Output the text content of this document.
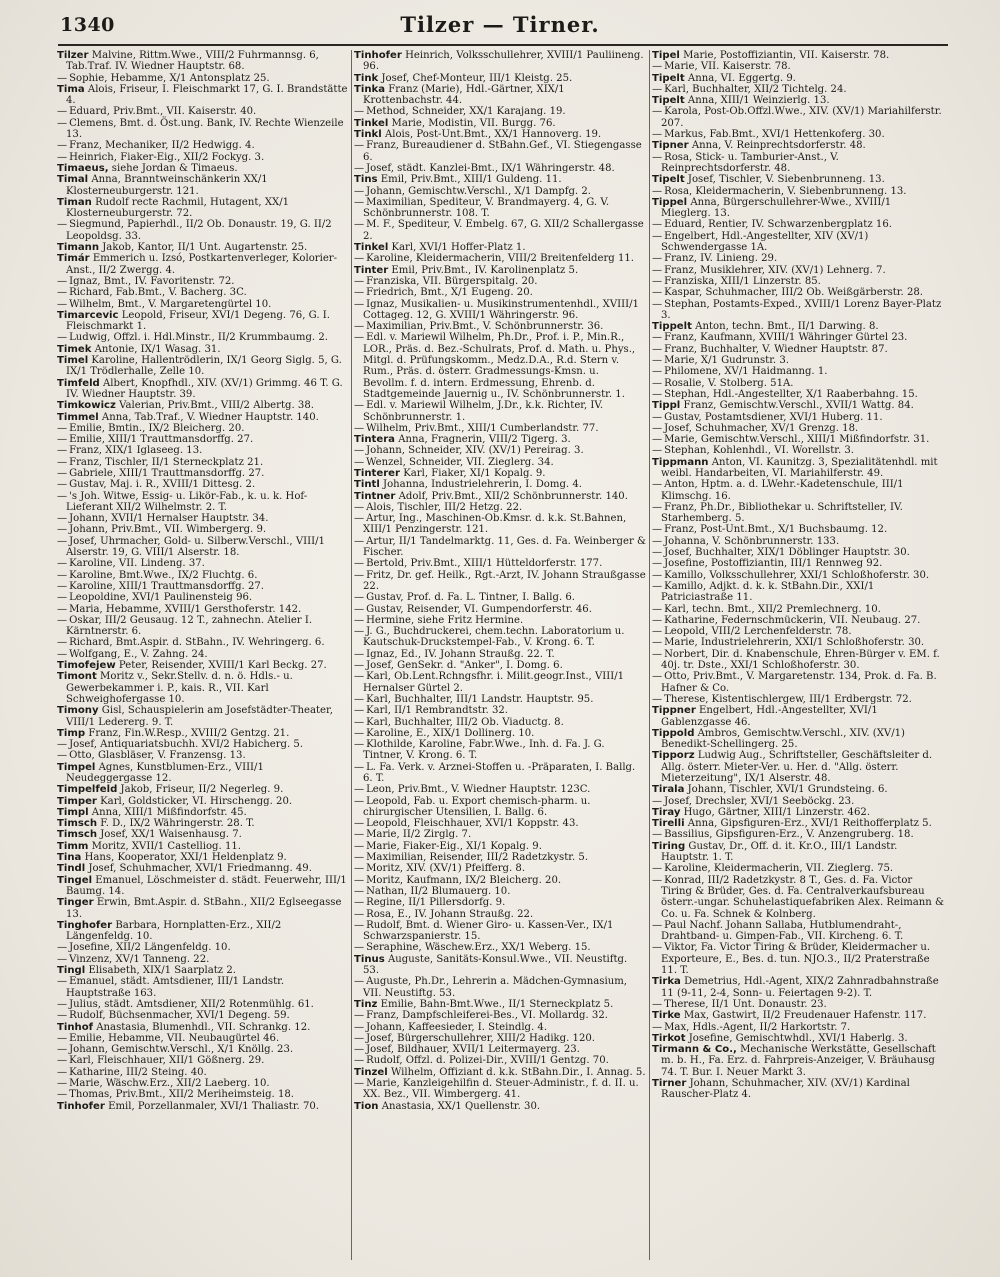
1340	Tilzer — Tirner.
Tilzer Malvine, Rittm.Wwe., VIII/2 Fuhrmannsg. 6, Tab.Traf. IV. Wiedner Hauptstr. 68.
— Sophie, Hebamme, X/1 Antonsplatz 25.
Tima Alois, Friseur, I. Fleischmarkt 17, G. I. Brandstätte 4.
— Eduard, Priv.Bmt., VII. Kaiserstr. 40.
— Clemens, Bmt. d. Öst.ung. Bank, IV. Rechte Wienzeile 13.
— Franz, Mechaniker, II/2 Hedwigg. 4.
— Heinrich, Fiaker-Eig., XII/2 Fockyg. 3.
Timaeus, siehe Jordan & Timaeus.
Timal Anna, Branntweinschänkerin XX/1 Klosterneuburgerstr. 121.
Timan Rudolf recte Rachmil, Hutagent, XX/1 Klosterneuburgerstr. 72.
— Siegmund, Papierhdl., II/2 Ob. Donaustr. 19, G. II/2 Leopoldsg. 33.
Timann Jakob, Kantor, II/1 Unt. Augartenstr. 25.
Timár Emmerich u. Izsó, Postkartenverleger, Kolorier-Anst., II/2 Zwergg. 4.
— Ignaz, Bmt., IV. Favoritenstr. 72.
— Richard, Fab.Bmt., V. Bacherg. 3C.
— Wilhelm, Bmt., V. Margaretengürtel 10.
Timarcevic Leopold, Friseur, XVI/1 Degeng. 76, G. I. Fleischmarkt 1.
— Ludwig, Offzl. i. Hdl.Minstr., II/2 Krummbaumg. 2.
Timek Antonie, IX/1 Wasag. 31.
Timel Karoline, Hallentrödlerin, IX/1 Georg Siglg. 5, G. IX/1 Trödlerhalle, Zelle 10.
Timfeld Albert, Knopfhdl., XIV. (XV/1) Grimmg. 46 T. G. IV. Wiedner Hauptstr. 39.
Timkowicz Valerian, Priv.Bmt., VIII/2 Albertg. 38.
Timmel Anna, Tab.Traf., V. Wiedner Hauptstr. 140.
— Emilie, Bmtin., IX/2 Bleicherg. 20.
— Emilie, XIII/1 Trauttmansdorffg. 27.
— Franz, XIX/1 Iglaseeg. 13.
— Franz, Tischler, II/1 Sterneckplatz 21.
— Gabriele, XIII/1 Trauttmansdorffg. 27.
— Gustav, Maj. i. R., XVIII/1 Dittesg. 2.
— 's Joh. Witwe, Essig- u. Likör-Fab., k. u. k. Hof-Lieferant XII/2 Wilhelmstr. 2. T.
— Johann, XVII/1 Hernalser Hauptstr. 34.
— Johann, Priv.Bmt., VII. Wimbergerg. 9.
— Josef, Uhrmacher, Gold- u. Silberw.Verschl., VIII/1 Alserstr. 19, G. VIII/1 Alserstr. 18.
— Karoline, VII. Lindeng. 37.
— Karoline, Bmt.Wwe., IX/2 Fluchtg. 6.
— Karoline, XIII/1 Trauttmansdorffg. 27.
— Leopoldine, XVI/1 Paulinensteig 96.
— Maria, Hebamme, XVIII/1 Gersthoferstr. 142.
— Oskar, III/2 Geusaug. 12 T., zahnechn. Atelier I. Kärntnerstr. 6.
— Richard, Bmt.Aspir. d. StBahn., IV. Wehringerg. 6.
— Wolfgang, E., V. Zahng. 24.
Timofejew Peter, Reisender, XVIII/1 Karl Beckg. 27.
Timont Moritz v., Sekr.Stellv. d. n. ö. Hdls.- u. Gewerbekammer i. P., kais. R., VII. Karl Schweighofergasse 10.
Timony Gisl, Schauspielerin am Josefstädter-Theater, VIII/1 Ledererg. 9. T.
Timp Franz, Fin.W.Resp., XVIII/2 Gentzg. 21.
— Josef, Antiquariatsbuchh. XVI/2 Habicherg. 5.
— Otto, Glasbläser, V. Franzensg. 13.
Timpel Agnes, Kunstblumen-Erz., VIII/1 Neudeggergasse 12.
Timpelfeld Jakob, Friseur, II/2 Negerleg. 9.
Timper Karl, Goldsticker, VI. Hirschengg. 20.
Timpl Anna, XIII/1 Mißfindorfstr. 45.
Timsch F. D., IX/2 Währingerstr. 28. T.
Timsch Josef, XX/1 Waisenhausg. 7.
Timm Moritz, XVII/1 Castelliog. 11.
Tina Hans, Kooperator, XXI/1 Heldenplatz 9.
Tindl Josef, Schuhmacher, XVI/1 Friedmanng. 49.
Tingel Emanuel, Löschmeister d. städt. Feuerwehr, III/1 Baumg. 14.
Tinger Erwin, Bmt.Aspir. d. StBahn., XII/2 Eglseegasse 13.
Tinghofer Barbara, Hornplatten-Erz., XII/2 Längenfeldg. 10.
— Josefine, XII/2 Längenfeldg. 10.
— Vinzenz, XV/1 Tanneng. 22.
Tingl Elisabeth, XIX/1 Saarplatz 2.
— Emanuel, städt. Amtsdiener, III/1 Landstr. Hauptstraße 163.
— Julius, städt. Amtsdiener, XII/2 Rotenmühlg. 61.
— Rudolf, Büchsenmacher, XVI/1 Degeng. 59.
Tinhof Anastasia, Blumenhdl., VII. Schrankg. 12.
— Emilie, Hebamme, VII. Neubaugürtel 46.
— Johann, Gemischtw.Verschl., X/1 Knöllg. 23.
— Karl, Fleischhauer, XII/1 Gößnerg. 29.
— Katharine, III/2 Steing. 40.
— Marie, Wäschw.Erz., XII/2 Laeberg. 10.
— Thomas, Priv.Bmt., XII/2 Meriheimsteig. 18.
Tinhofer Emil, Porzellanmaler, XVI/1 Thaliastr. 70.
Tinhofer Heinrich, Volksschullehrer, XVIII/1 Pauliineng. 96.
Tink Josef, Chef-Monteur, III/1 Kleistg. 25.
Tinka Franz (Marie), Hdl.-Gärtner, XIX/1 Krottenbachstr. 44.
— Method, Schneider, XX/1 Karajang. 19.
Tinkel Marie, Modistin, VII. Burgg. 76.
Tinkl Alois, Post-Unt.Bmt., XX/1 Hannoverg. 19.
— Franz, Bureaudiener d. StBahn.Gef., VI. Stiegengasse 6.
— Josef, städt. Kanzlei-Bmt., IX/1 Währingerstr. 48.
Tins Emil, Priv.Bmt., XIII/1 Guldeng. 11.
— Johann, Gemischtw.Verschl., X/1 Dampfg. 2.
— Maximilian, Spediteur, V. Brandmayerg. 4, G. V. Schönbrunnerstr. 108. T.
— M. F., Spediteur, V. Embelg. 67, G. XII/2 Schallergasse 2.
Tinkel Karl, XVI/1 Hoffer-Platz 1.
— Karoline, Kleidermacherin, VIII/2 Breitenfelderg 11.
Tinter Emil, Priv.Bmt., IV. Karolinenplatz 5.
— Franziska, VII. Bürgerspitalg. 20.
— Friedrich, Bmt., X/1 Eugeng. 20.
— Ignaz, Musikalien- u. Musikinstrumentenhdl., XVIII/1 Cottageg. 12, G. XVIII/1 Währingerstr. 96.
— Maximilian, Priv.Bmt., V. Schönbrunnerstr. 36.
— Edl. v. Mariewil Wilhelm, Ph.Dr., Prof. i. P., Min.R., LOR., Präs. d. Bez.-Schulrats, Prof. d. Math. u. Phys., Mitgl. d. Prüfungskomm., Medz.D.A., R.d. Stern v. Rum., Präs. d. österr. Gradmessungs-Kmsn. u. Bevollm. f. d. intern. Erdmessung, Ehrenb. d. Stadtgemeinde Jauernig u., IV. Schönbrunnerstr. 1.
— Edl. v. Mariewil Wilhelm, J.Dr., k.k. Richter, IV. Schönbrunnerstr. 1.
— Wilhelm, Priv.Bmt., XIII/1 Cumberlandstr. 77.
Tintera Anna, Fragnerin, VIII/2 Tigerg. 3.
— Johann, Schneider, XIV. (XV/1) Pereirag. 3.
— Wenzel, Schneider, VII. Zieglerg. 34.
Tinterer Karl, Fiaker, XI/1 Kopalg. 9.
Tintl Johanna, Industrielehrerin, I. Domg. 4.
Tintner Adolf, Priv.Bmt., XII/2 Schönbrunnerstr. 140.
— Alois, Tischler, III/2 Hetzg. 22.
— Artur, Ing., Maschinen-Ob.Kmsr. d. k.k. St.Bahnen, XIII/1 Penzingerstr. 121.
— Artur, II/1 Tandelmarktg. 11, Ges. d. Fa. Weinberger & Fischer.
— Bertold, Priv.Bmt., XIII/1 Hütteldorferstr. 177.
— Fritz, Dr. gef. Heilk., Rgt.-Arzt, IV. Johann Straußgasse 22.
— Gustav, Prof. d. Fa. L. Tintner, I. Ballg. 6.
— Gustav, Reisender, VI. Gumpendorferstr. 46.
— Hermine, siehe Fritz Hermine.
— J. G., Buchdruckerei, chem.techn. Laboratorium u. Kautschuk-Druckstempel-Fab., V. Krong. 6. T.
— Ignaz, Ed., IV. Johann Straußg. 22. T.
— Josef, GenSekr. d. "Anker", I. Domg. 6.
— Karl, Ob.Lent.Rchngsfhr. i. Milit.geogr.Inst., VIII/1 Hernalser Gürtel 2.
— Karl, Buchhalter, III/1 Landstr. Hauptstr. 95.
— Karl, II/1 Rembrandtstr. 32.
— Karl, Buchhalter, III/2 Ob. Viaductg. 8.
— Karoline, E., XIX/1 Dollinerg. 10.
— Klothilde, Karoline, Fabr.Wwe., Inh. d. Fa. J. G. Tintner, V. Krong. 6. T.
— L. Fa. Verk. v. Arznei-Stoffen u. -Präparaten, I. Ballg. 6. T.
— Leon, Priv.Bmt., V. Wiedner Hauptstr. 123C.
— Leopold, Fab. u. Export chemisch-pharm. u. chirurgischer Utensilien, I. Ballg. 6.
— Leopold, Fleischhauer, XVI/1 Koppstr. 43.
— Marie, II/2 Zirglg. 7.
— Marie, Fiaker-Eig., XI/1 Kopalg. 9.
— Maximilian, Reisender, III/2 Radetzkystr. 5.
— Moritz, XIV. (XV/1) Pfeifferg. 8.
— Moritz, Kaufmann, IX/2 Bleicherg. 20.
— Nathan, II/2 Blumauerg. 10.
— Regine, II/1 Pillersdorfg. 9.
— Rosa, E., IV. Johann Straußg. 22.
— Rudolf, Bmt. d. Wiener Giro- u. Kassen-Ver., IX/1 Schwarzspanierstr. 15.
— Seraphine, Wäschew.Erz., XX/1 Weberg. 15.
Tinus Auguste, Sanitäts-Konsul.Wwe., VII. Neustiftg. 53.
— Auguste, Ph.Dr., Lehrerin a. Mädchen-Gymnasium, VII. Neustiftg. 53.
Tinz Emilie, Bahn-Bmt.Wwe., II/1 Sterneckplatz 5.
— Franz, Dampfschleiferei-Bes., VI. Mollardg. 32.
— Johann, Kaffeesieder, I. Steindlg. 4.
— Josef, Bürgerschullehrer, XIII/2 Hadikg. 120.
— Josef, Bildhauer, XVII/1 Leitermayerg. 23.
— Rudolf, Offzl. d. Polizei-Dir., XVIII/1 Gentzg. 70.
Tinzel Wilhelm, Offiziant d. k.k. StBahn.Dir., I. Annag. 5.
— Marie, Kanzleigehilfin d. Steuer-Administr., f. d. II. u. XX. Bez., VII. Wimbergerg. 41.
Tion Anastasia, XX/1 Quellenstr. 30.
Tipel Marie, Postoffiziantin, VII. Kaiserstr. 78.
— Marie, VII. Kaiserstr. 78.
Tipelt Anna, VI. Eggertg. 9.
— Karl, Buchhalter, XII/2 Tichtelg. 24.
Tipelt Anna, XIII/1 Weinzierlg. 13.
— Karola, Post-Ob.Offzl.Wwe., XIV. (XV/1) Mariahilferstr. 207.
— Markus, Fab.Bmt., XVI/1 Hettenkoferg. 30.
Tipner Anna, V. Reinprechtsdorferstr. 48.
— Rosa, Stick- u. Tamburier-Anst., V. Reinprechtsdorferstr. 48.
Tipelt Josef, Tischler, V. Siebenbrunneng. 13.
— Rosa, Kleidermacherin, V. Siebenbrunneng. 13.
Tippel Anna, Bürgerschullehrer-Wwe., XVIII/1 Mieglerg. 13.
— Eduard, Rentier, IV. Schwarzenbergplatz 16.
— Engelbert, Hdl.-Angestellter, XIV (XV/1) Schwendergasse 1A.
— Franz, IV. Linieng. 29.
— Franz, Musiklehrer, XIV. (XV/1) Lehnerg. 7.
— Franziska, XIII/1 Linzerstr. 85.
— Kaspar, Schuhmacher, III/2 Ob. Weißgärberstr. 28.
— Stephan, Postamts-Exped., XVIII/1 Lorenz Bayer-Platz 3.
Tippelt Anton, techn. Bmt., II/1 Darwing. 8.
— Franz, Kaufmann, XVIII/1 Währinger Gürtel 23.
— Franz, Buchhalter, V. Wiedner Hauptstr. 87.
— Marie, X/1 Gudrunstr. 3.
— Philomene, XV/1 Haidmanng. 1.
— Rosalie, V. Stolberg. 51A.
— Stephan, Hdl.-Angestellter, X/1 Raaberbahng. 15.
Tippl Franz, Gemischtw.Verschl., XVII/1 Wattg. 84.
— Gustav, Postamtsdiener, XVI/1 Huberg. 11.
— Josef, Schuhmacher, XV/1 Grenzg. 18.
— Marie, Gemischtw.Verschl., XIII/1 Mißfindorfstr. 31.
— Stephan, Kohlenhdl., VI. Worellstr. 3.
Tippmann Anton, VI. Kaunitzg. 3, Spezialitätenhdl. mit weibl. Handarbeiten, VI. Mariahilferstr. 49.
— Anton, Hptm. a. d. LWehr.-Kadetenschule, III/1 Klimschg. 16.
— Franz, Ph.Dr., Bibliothekar u. Schriftsteller, IV. Starhemberg. 5.
— Franz, Post-Unt.Bmt., X/1 Buchsbaumg. 12.
— Johanna, V. Schönbrunnerstr. 133.
— Josef, Buchhalter, XIX/1 Döblinger Hauptstr. 30.
— Josefine, Postoffiziantin, III/1 Rennweg 92.
— Kamillo, Volksschullehrer, XXI/1 Schloßhoferstr. 30.
— Kamillo, Adjkt. d. k. k. StBahn.Dir., XXI/1 Patriciastraße 11.
— Karl, techn. Bmt., XII/2 Premlechnerg. 10.
— Katharine, Federnschmückerin, VII. Neubaug. 27.
— Leopold, VIII/2 Lerchenfelderstr. 78.
— Marie, Industrielehrerin, XXI/1 Schloßhoferstr. 30.
— Norbert, Dir. d. Knabenschule, Ehren-Bürger v. EM. f. 40j. tr. Dste., XXI/1 Schloßhoferstr. 30.
— Otto, Priv.Bmt., V. Margaretenstr. 134, Prok. d. Fa. B. Hafner & Co.
— Therese, Kistentischlergew, III/1 Erdbergstr. 72.
Tippner Engelbert, Hdl.-Angestellter, XVI/1 Gablenzgasse 46.
Tippold Ambros, Gemischtw.Verschl., XIV. (XV/1) Benedikt-Schellingerg. 25.
Tipporz Ludwig Aug., Schriftsteller, Geschäftsleiter d. Allg. österr. Mieter-Ver. u. Her. d. "Allg. österr. Mieterzeitung", IX/1 Alserstr. 48.
Tirala Johann, Tischler, XVI/1 Grundsteing. 6.
— Josef, Drechsler, XVI/1 Seeböckg. 23.
Tiray Hugo, Gärtner, XIII/1 Linzerstr. 462.
Tirelli Anna, Gipsfiguren-Erz., XVI/1 Reithofferplatz 5.
— Bassilius, Gipsfiguren-Erz., V. Anzengruberg. 18.
Tiring Gustav, Dr., Off. d. it. Kr.O., III/1 Landstr. Hauptstr. 1. T.
— Karoline, Kleidermacherin, VII. Zieglerg. 75.
— Konrad, III/2 Radetzkystr. 8 T., Ges. d. Fa. Victor Tiring & Brüder, Ges. d. Fa. Centralverkaufsbureau österr.-ungar. Schuhelastiquefabriken Alex. Reimann & Co. u. Fa. Schnek & Kolnberg.
— Paul Nachf. Johann Sallaba, Hutblumendraht-, Drahtband- u. Gimpen-Fab., VII. Kircheng. 6. T.
— Viktor, Fa. Victor Tiring & Brüder, Kleidermacher u. Exporteure, E., Bes. d. tun. NJO.3., II/2 Praterstraße 11. T.
Tirka Demetrius, Hdl.-Agent, XIX/2 Zahnradbahnstraße 11 (9-11, 2-4, Sonn- u. Feiertagen 9-2). T.
— Therese, II/1 Unt. Donaustr. 23.
Tirke Max, Gastwirt, II/2 Freudenauer Hafenstr. 117.
— Max, Hdls.-Agent, II/2 Harkortstr. 7.
Tirkot Josefine, Gemischtwhdl., XVI/1 Haberlg. 3.
Tirmann & Co., Mechanische Werkstätte, Gesellschaft m. b. H., Fa. Erz. d. Fahrpreis-Anzeiger, V. Bräuhausg 74. T. Bur. I. Neuer Markt 3.
Tirner Johann, Schuhmacher, XIV. (XV/1) Kardinal Rauscher-Platz 4.
